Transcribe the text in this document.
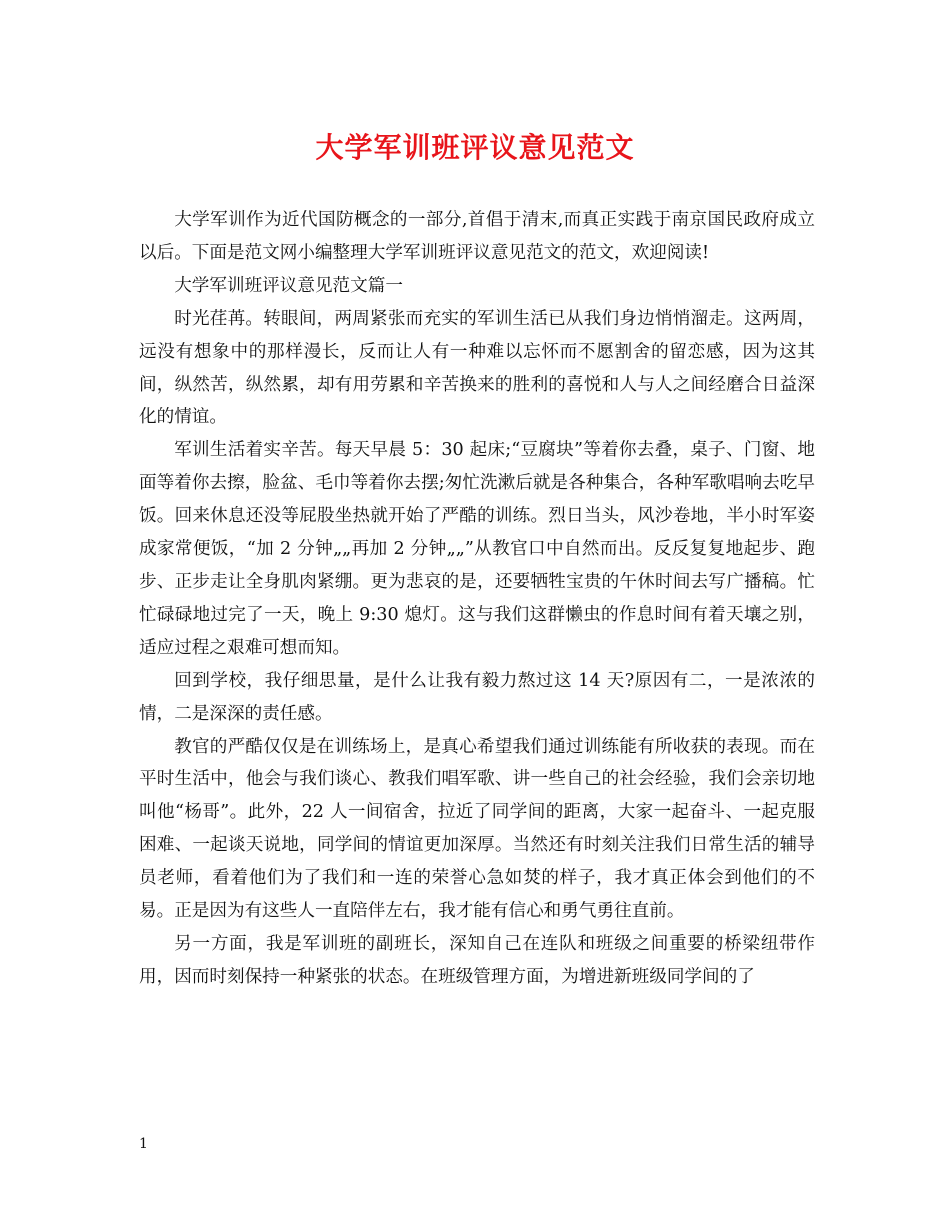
大学军训班评议意见范文

大学军训作为近代国防概念的一部分,首倡于清末,而真正实践于南京国民政府成立以后。下面是范文网小编整理大学军训班评议意见范文的范文，欢迎阅读!

大学军训班评议意见范文篇一

时光荏苒。转眼间，两周紧张而充实的军训生活已从我们身边悄悄溜走。这两周，远没有想象中的那样漫长，反而让人有一种难以忘怀而不愿割舍的留恋感，因为这其间，纵然苦，纵然累，却有用劳累和辛苦换来的胜利的喜悦和人与人之间经磨合日益深化的情谊。

军训生活着实辛苦。每天早晨 5：30 起床;“豆腐块”等着你去叠，桌子、门窗、地面等着你去擦，脸盆、毛巾等着你去摆;匆忙洗漱后就是各种集合，各种军歌唱响去吃早饭。回来休息还没等屁股坐热就开始了严酷的训练。烈日当头，风沙卷地，半小时军姿成家常便饭，“加 2 分钟„„再加 2 分钟„„”从教官口中自然而出。反反复复地起步、跑步、正步走让全身肌肉紧绷。更为悲哀的是，还要牺牲宝贵的午休时间去写广播稿。忙忙碌碌地过完了一天，晚上 9:30 熄灯。这与我们这群懒虫的作息时间有着天壤之别，适应过程之艰难可想而知。

回到学校，我仔细思量，是什么让我有毅力熬过这 14 天?原因有二，一是浓浓的情，二是深深的责任感。

教官的严酷仅仅是在训练场上，是真心希望我们通过训练能有所收获的表现。而在平时生活中，他会与我们谈心、教我们唱军歌、讲一些自己的社会经验，我们会亲切地叫他“杨哥”。此外，22 人一间宿舍，拉近了同学间的距离，大家一起奋斗、一起克服困难、一起谈天说地，同学间的情谊更加深厚。当然还有时刻关注我们日常生活的辅导员老师，看着他们为了我们和一连的荣誉心急如焚的样子，我才真正体会到他们的不易。正是因为有这些人一直陪伴左右，我才能有信心和勇气勇往直前。

另一方面，我是军训班的副班长，深知自己在连队和班级之间重要的桥梁纽带作用，因而时刻保持一种紧张的状态。在班级管理方面，为增进新班级同学间的了

1
